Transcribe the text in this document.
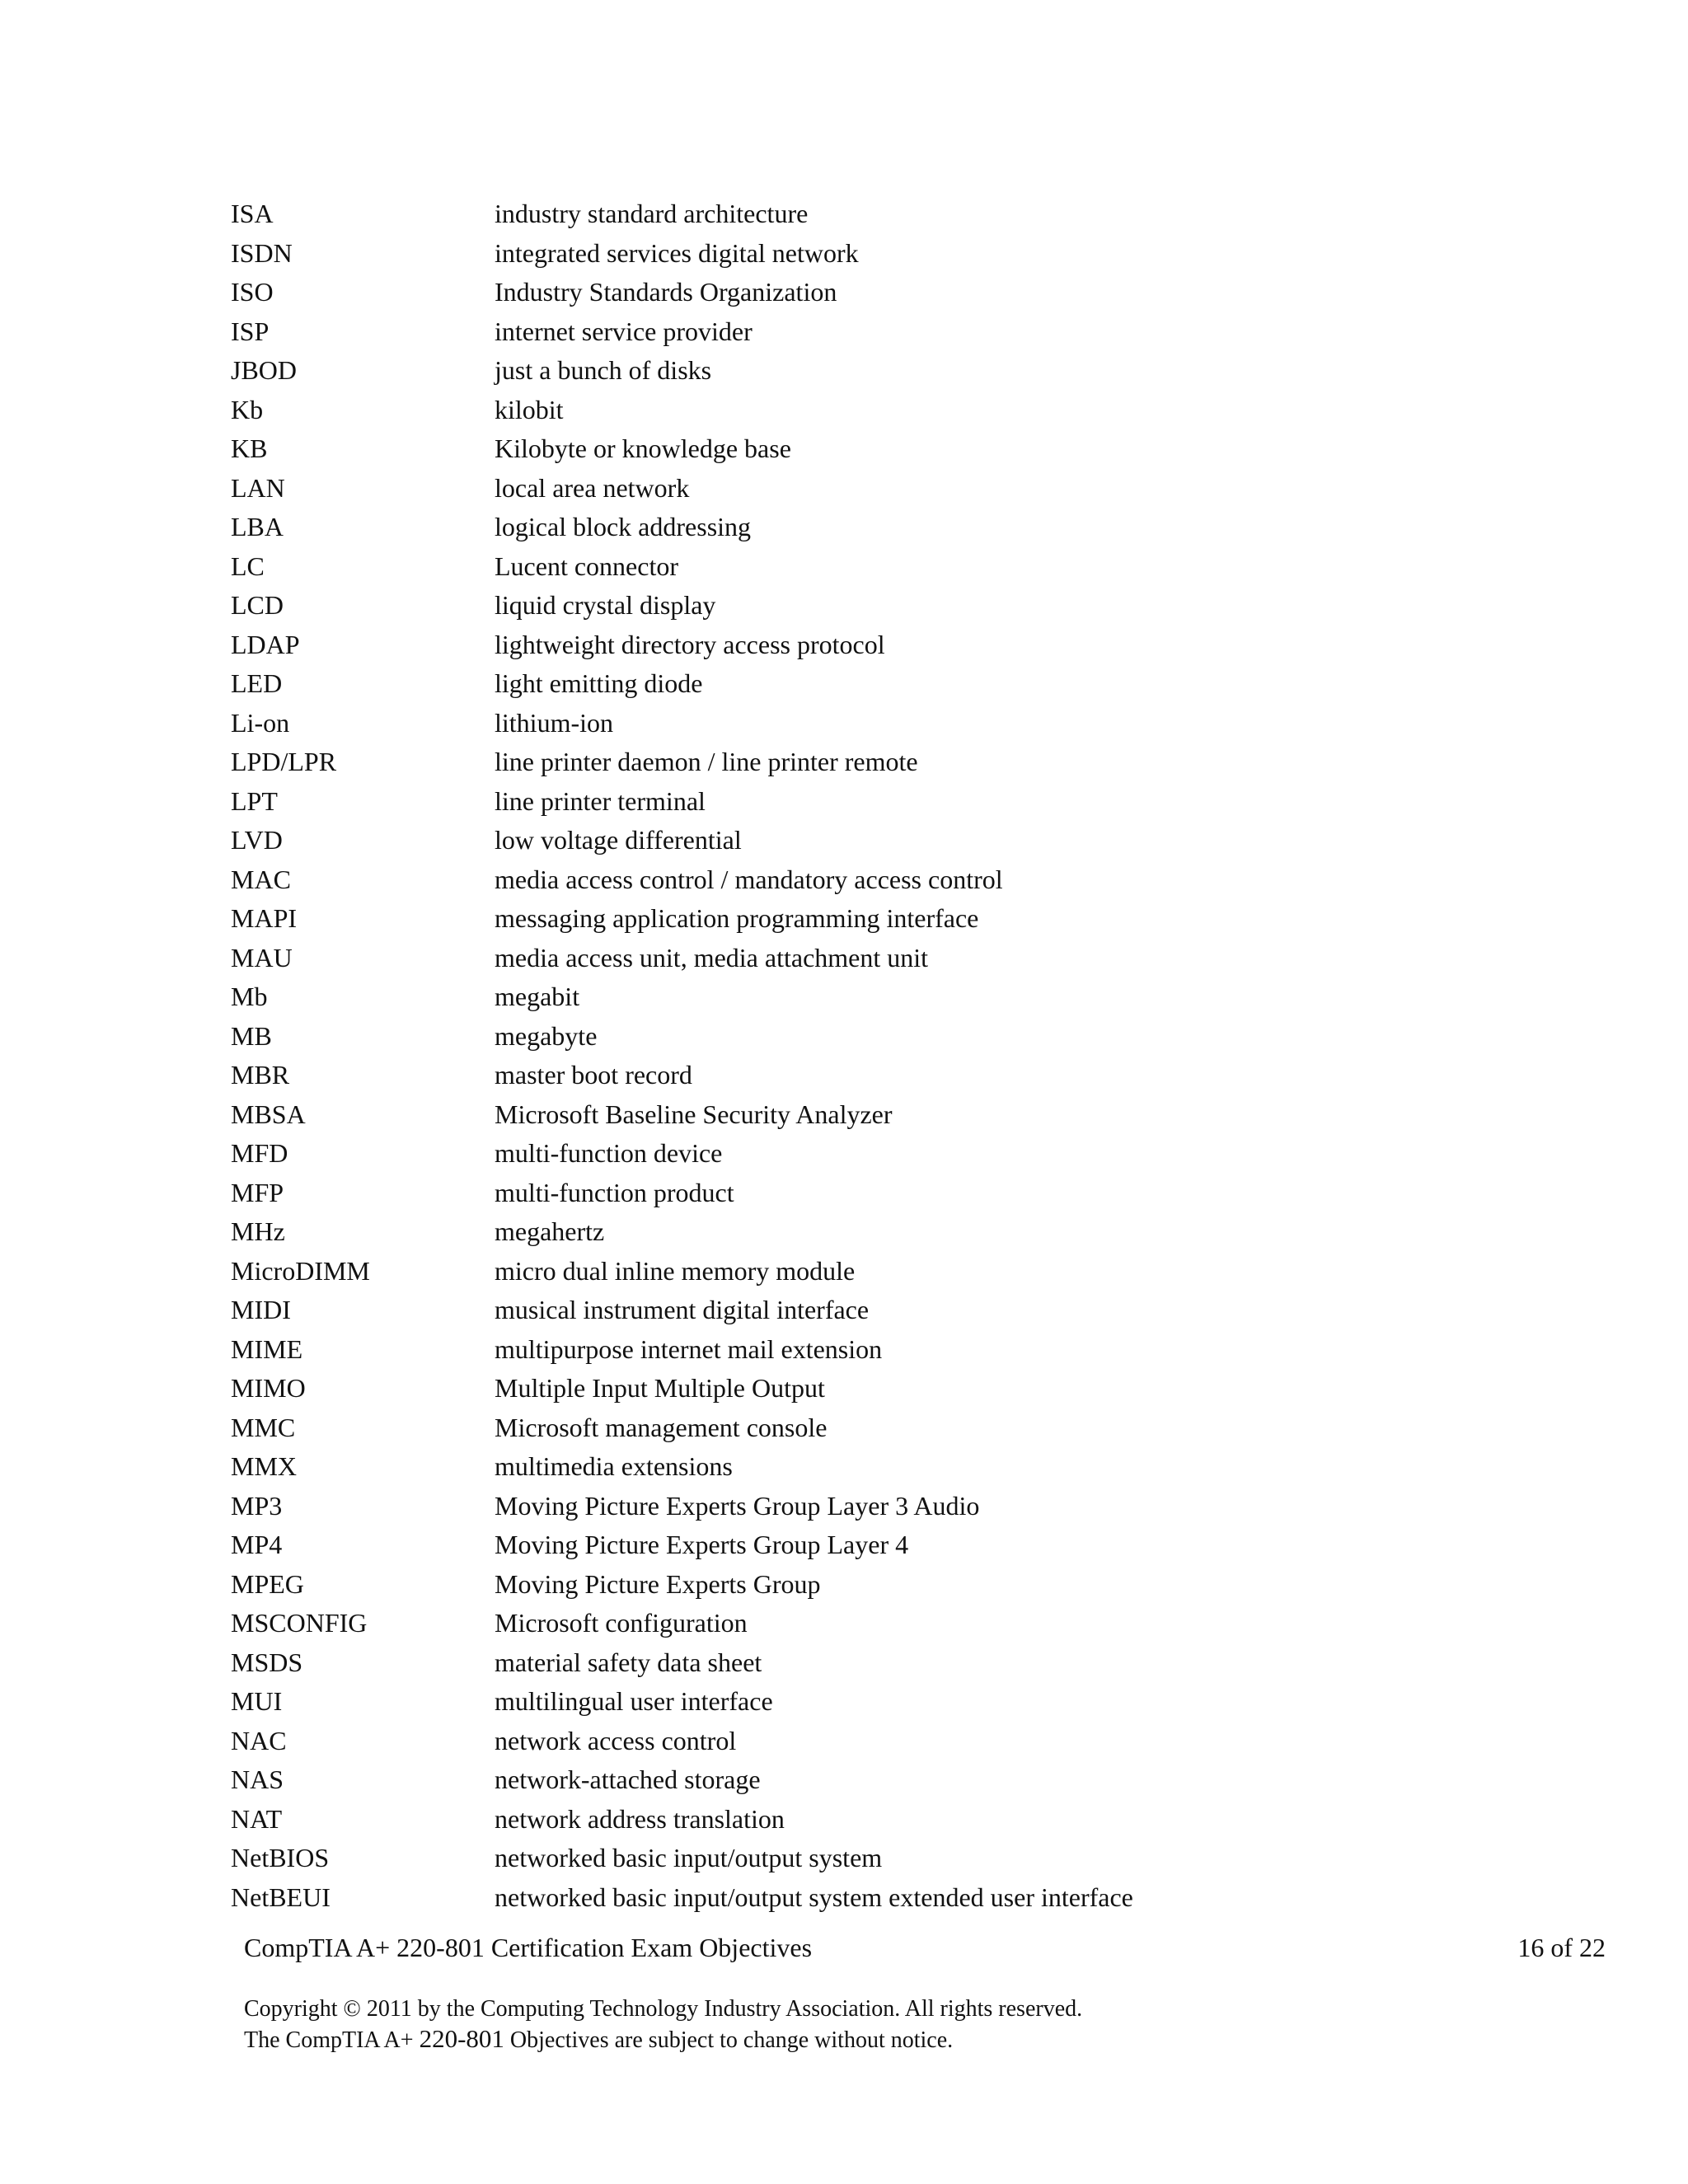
ISA	industry standard architecture
ISDN	integrated services digital network
ISO	Industry Standards Organization
ISP	internet service provider
JBOD	just a bunch of disks
Kb	kilobit
KB	Kilobyte or knowledge base
LAN	local area network
LBA	logical block addressing
LC	Lucent connector
LCD	liquid crystal display
LDAP	lightweight directory access protocol
LED	light emitting diode
Li-on	lithium-ion
LPD/LPR	line printer daemon / line printer remote
LPT	line printer terminal
LVD	low voltage differential
MAC	media access control / mandatory access control
MAPI	messaging application programming interface
MAU	media access unit, media attachment unit
Mb	megabit
MB	megabyte
MBR	master boot record
MBSA	Microsoft Baseline Security Analyzer
MFD	multi-function device
MFP	multi-function product
MHz	megahertz
MicroDIMM	micro dual inline memory module
MIDI	musical instrument digital interface
MIME	multipurpose internet mail extension
MIMO	Multiple Input Multiple Output
MMC	Microsoft management console
MMX	multimedia extensions
MP3	Moving Picture Experts Group Layer 3 Audio
MP4	Moving Picture Experts Group Layer 4
MPEG	Moving Picture Experts Group
MSCONFIG	Microsoft configuration
MSDS	material safety data sheet
MUI	multilingual user interface
NAC	network access control
NAS	network-attached storage
NAT	network address translation
NetBIOS	networked basic input/output system
NetBEUI	networked basic input/output system extended user interface
CompTIA A+ 220-801 Certification Exam Objectives	16 of 22
Copyright © 2011 by the Computing Technology Industry Association. All rights reserved.
The CompTIA A+ 220-801 Objectives are subject to change without notice.
